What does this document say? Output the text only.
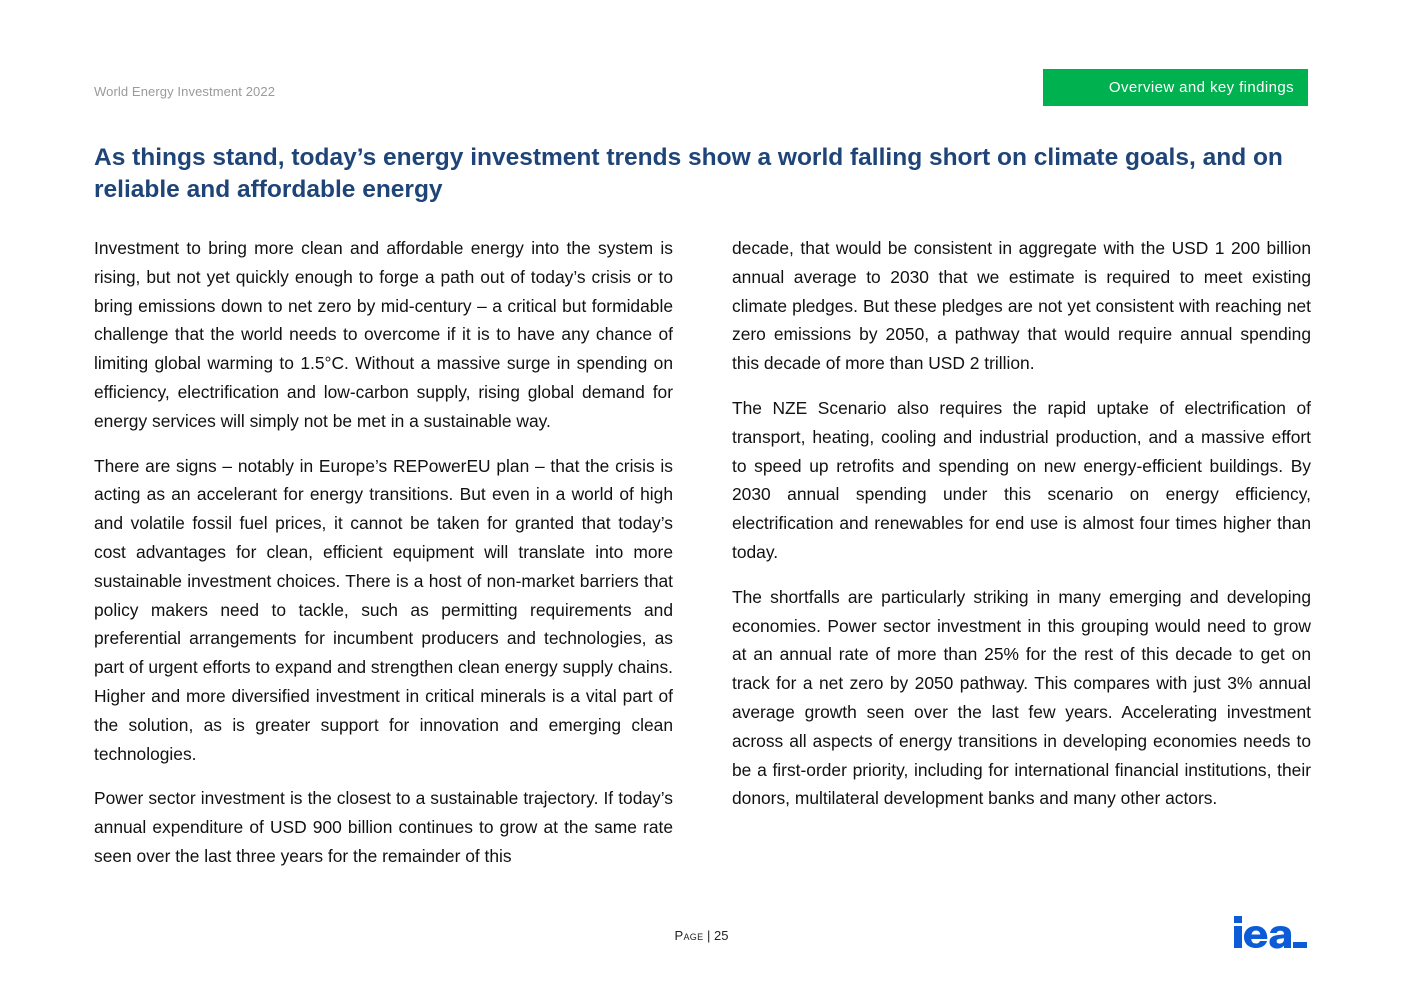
World Energy Investment 2022	Overview and key findings
As things stand, today’s energy investment trends show a world falling short on climate goals, and on reliable and affordable energy

Investment to bring more clean and affordable energy into the system is rising, but not yet quickly enough to forge a path out of today’s crisis or to bring emissions down to net zero by mid-century – a critical but formidable challenge that the world needs to overcome if it is to have any chance of limiting global warming to 1.5°C. Without a massive surge in spending on efficiency, electrification and low-carbon supply, rising global demand for energy services will simply not be met in a sustainable way.

There are signs – notably in Europe’s REPowerEU plan – that the crisis is acting as an accelerant for energy transitions. But even in a world of high and volatile fossil fuel prices, it cannot be taken for granted that today’s cost advantages for clean, efficient equipment will translate into more sustainable investment choices. There is a host of non-market barriers that policy makers need to tackle, such as permitting requirements and preferential arrangements for incumbent producers and technologies, as part of urgent efforts to expand and strengthen clean energy supply chains. Higher and more diversified investment in critical minerals is a vital part of the solution, as is greater support for innovation and emerging clean technologies.

Power sector investment is the closest to a sustainable trajectory. If today’s annual expenditure of USD 900 billion continues to grow at the same rate seen over the last three years for the remainder of this

decade, that would be consistent in aggregate with the USD 1 200 billion annual average to 2030 that we estimate is required to meet existing climate pledges. But these pledges are not yet consistent with reaching net zero emissions by 2050, a pathway that would require annual spending this decade of more than USD 2 trillion.

The NZE Scenario also requires the rapid uptake of electrification of transport, heating, cooling and industrial production, and a massive effort to speed up retrofits and spending on new energy-efficient buildings. By 2030 annual spending under this scenario on energy efficiency, electrification and renewables for end use is almost four times higher than today.

The shortfalls are particularly striking in many emerging and developing economies. Power sector investment in this grouping would need to grow at an annual rate of more than 25% for the rest of this decade to get on track for a net zero by 2050 pathway. This compares with just 3% annual average growth seen over the last few years. Accelerating investment across all aspects of energy transitions in developing economies needs to be a first-order priority, including for international financial institutions, their donors, multilateral development banks and many other actors.

Page | 25
